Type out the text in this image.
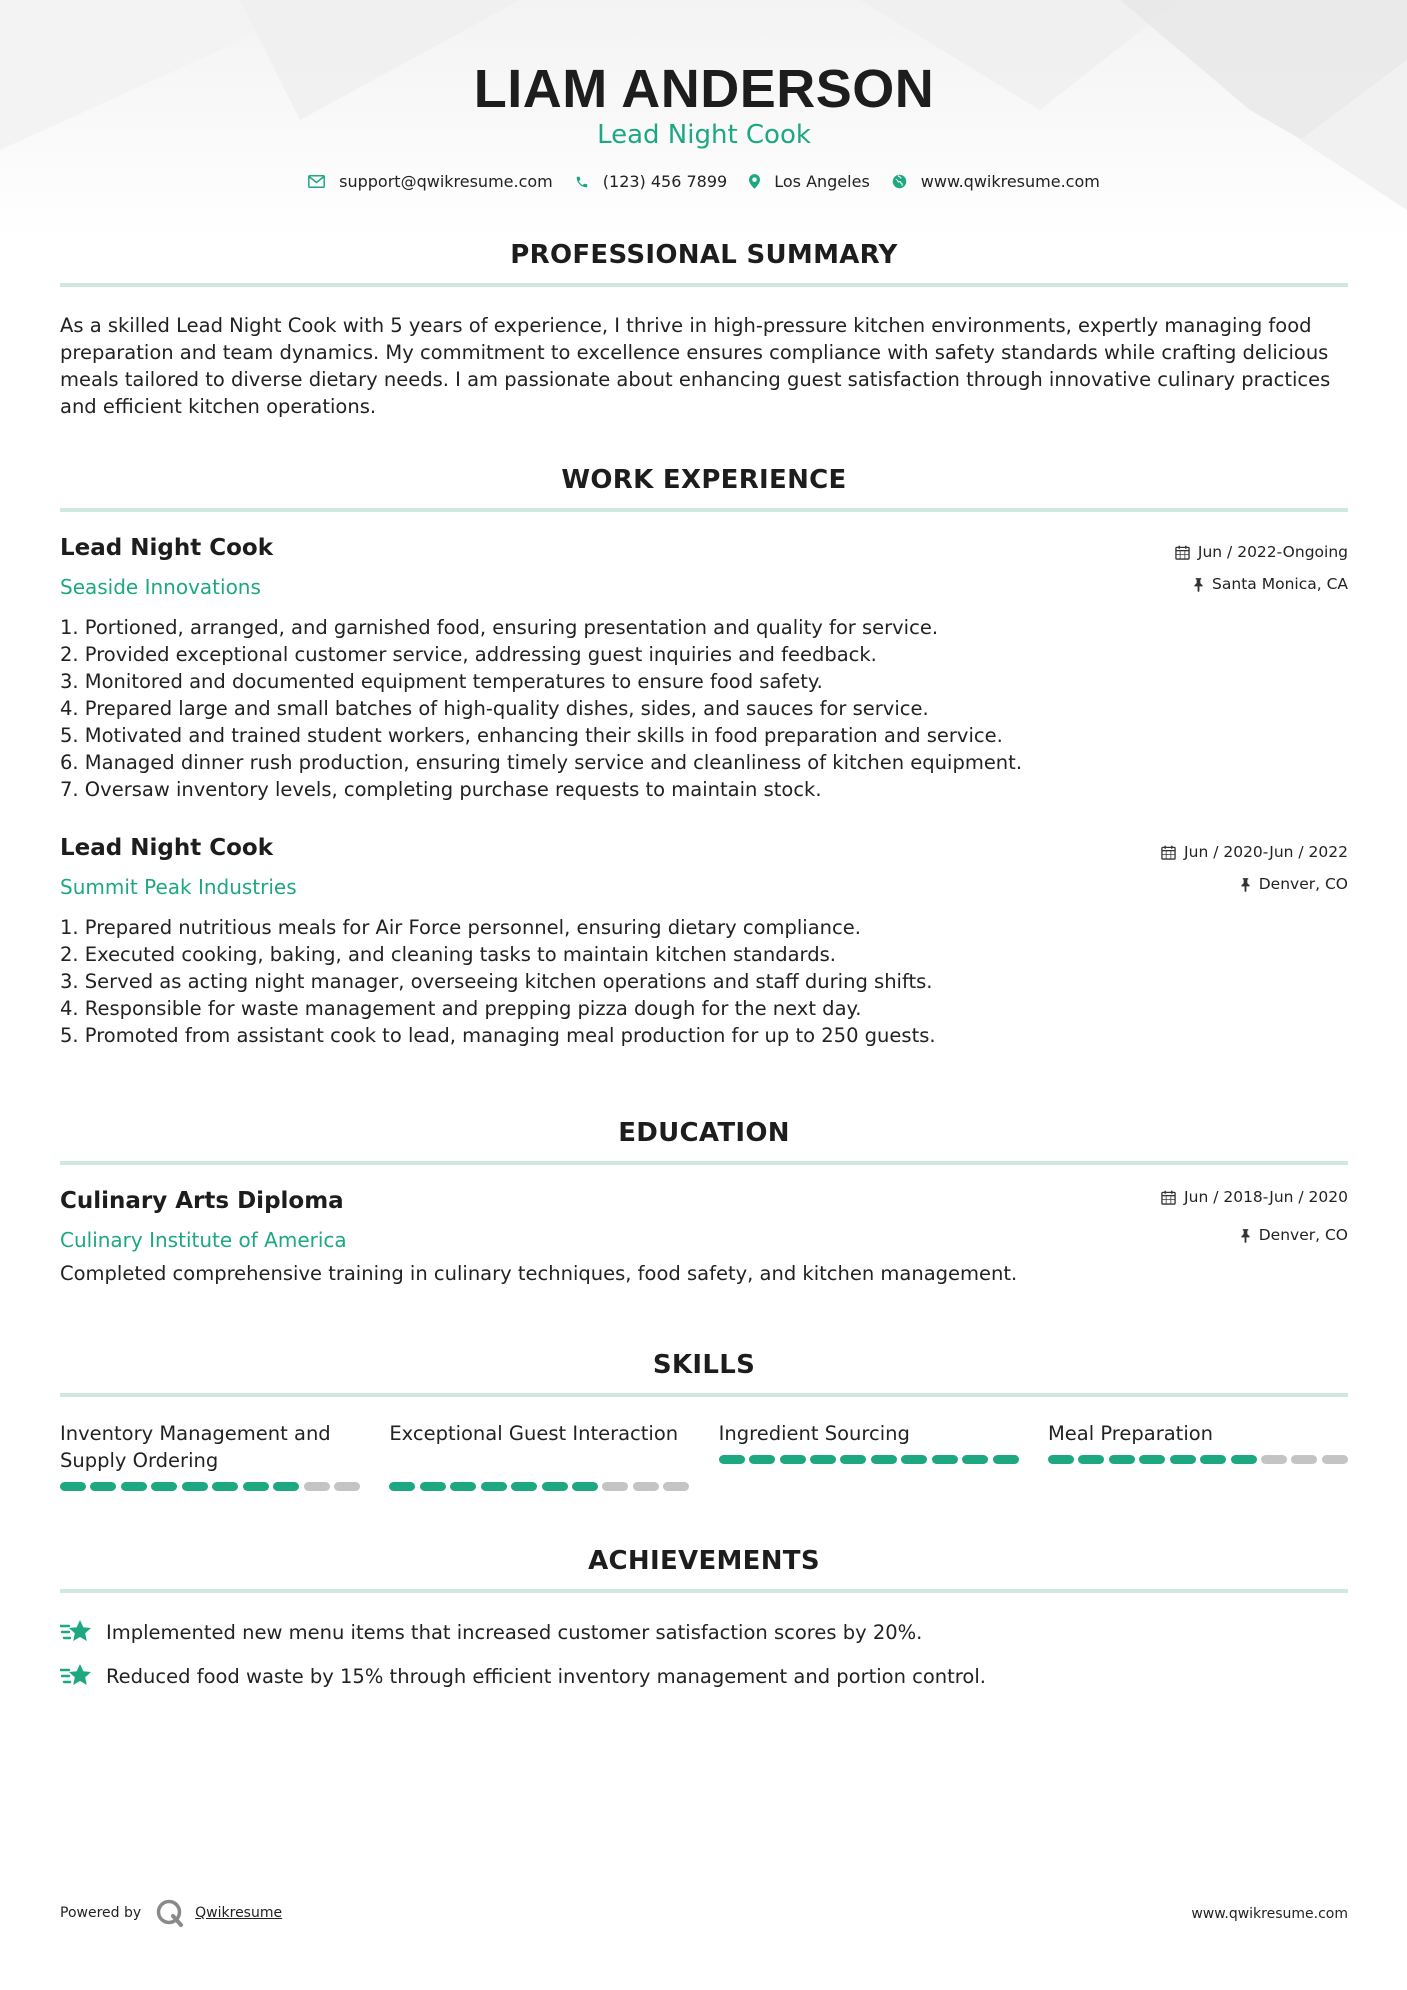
LIAM ANDERSON
Lead Night Cook
support@qwikresume.com	(123) 456 7899	Los Angeles	www.qwikresume.com
PROFESSIONAL SUMMARY

As a skilled Lead Night Cook with 5 years of experience, I thrive in high-pressure kitchen environments, expertly managing food preparation and team dynamics. My commitment to excellence ensures compliance with safety standards while crafting delicious meals tailored to diverse dietary needs. I am passionate about enhancing guest satisfaction through innovative culinary practices and efficient kitchen operations.

WORK EXPERIENCE
Lead Night Cook
Seaside Innovations
Jun / 2022-Ongoing
Santa Monica, CA
1. Portioned, arranged, and garnished food, ensuring presentation and quality for service.
2. Provided exceptional customer service, addressing guest inquiries and feedback.
3. Monitored and documented equipment temperatures to ensure food safety.
4. Prepared large and small batches of high-quality dishes, sides, and sauces for service.
5. Motivated and trained student workers, enhancing their skills in food preparation and service.
6. Managed dinner rush production, ensuring timely service and cleanliness of kitchen equipment.
7. Oversaw inventory levels, completing purchase requests to maintain stock.
Lead Night Cook
Summit Peak Industries
Jun / 2020-Jun / 2022
Denver, CO
1. Prepared nutritious meals for Air Force personnel, ensuring dietary compliance.
2. Executed cooking, baking, and cleaning tasks to maintain kitchen standards.
3. Served as acting night manager, overseeing kitchen operations and staff during shifts.
4. Responsible for waste management and prepping pizza dough for the next day.
5. Promoted from assistant cook to lead, managing meal production for up to 250 guests.
EDUCATION
Culinary Arts Diploma
Culinary Institute of America
Jun / 2018-Jun / 2020
Denver, CO

Completed comprehensive training in culinary techniques, food safety, and kitchen management.

SKILLS
Inventory Management and Supply Ordering
Exceptional Guest Interaction	Ingredient Sourcing	Meal Preparation
ACHIEVEMENTS
Implemented new menu items that increased customer satisfaction scores by 20%.
Reduced food waste by 15% through efficient inventory management and portion control.
Powered by	Qwikresume	www.qwikresume.com
